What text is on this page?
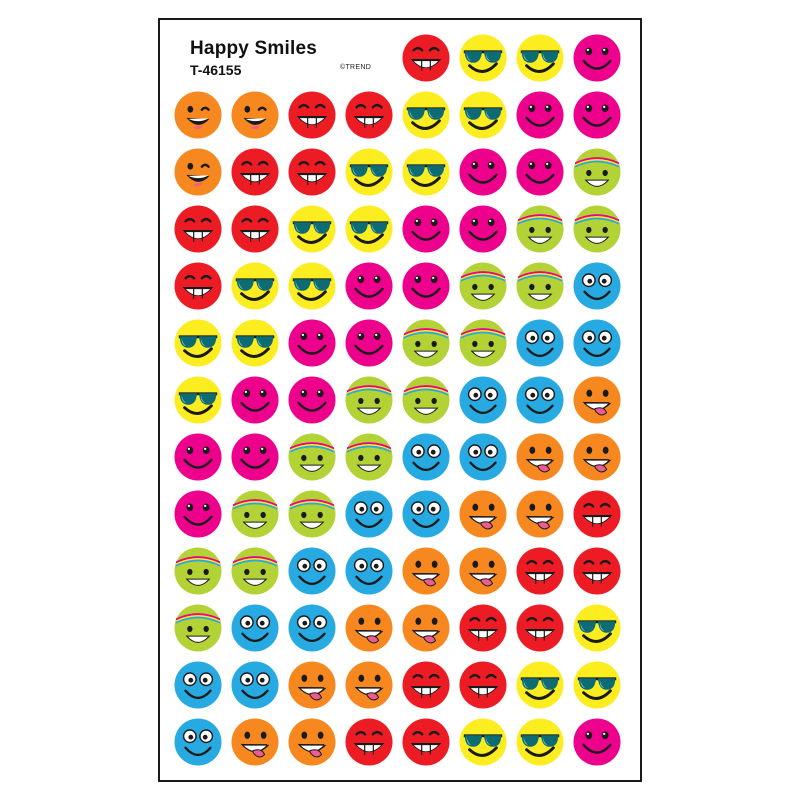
Happy Smiles
T-46155	©TREND
